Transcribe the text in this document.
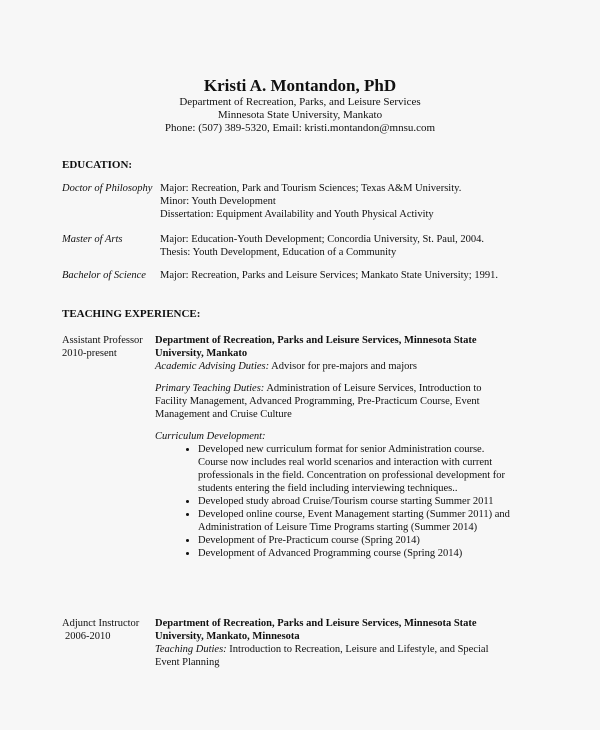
Kristi A. Montandon, PhD
Department of Recreation, Parks, and Leisure Services
Minnesota State University, Mankato
Phone: (507) 389-5320, Email: kristi.montandon@mnsu.com
EDUCATION:
Doctor of Philosophy Major: Recreation, Park and Tourism Sciences; Texas A&M University.
Minor: Youth Development
Dissertation: Equipment Availability and Youth Physical Activity
Master of Arts	Major: Education-Youth Development; Concordia University, St. Paul, 2004.
Thesis: Youth Development, Education of a Community
Bachelor of Science Major: Recreation, Parks and Leisure Services; Mankato State University; 1991.
TEACHING EXPERIENCE:
Assistant Professor
2010-present
Department of Recreation, Parks and Leisure Services, Minnesota State
University, Mankato
Academic Advising Duties: Advisor for pre-majors and majors
Primary Teaching Duties: Administration of Leisure Services, Introduction to Facility Management, Advanced Programming, Pre-Practicum Course, Event Management and Cruise Culture
Curriculum Development:
• Developed new curriculum format for senior Administration course. Course now includes real world scenarios and interaction with current professionals in the field. Concentration on professional development for students entering the field including interviewing techniques..
• Developed study abroad Cruise/Tourism course starting Summer 2011
• Developed online course, Event Management starting (Summer 2011) and Administration of Leisure Time Programs starting (Summer 2014)
• Development of Pre-Practicum course (Spring 2014)
• Development of Advanced Programming course (Spring 2014)
Adjunct Instructor
2006-2010
Department of Recreation, Parks and Leisure Services, Minnesota State
University, Mankato, Minnesota
Teaching Duties: Introduction to Recreation, Leisure and Lifestyle, and Special Event Planning
